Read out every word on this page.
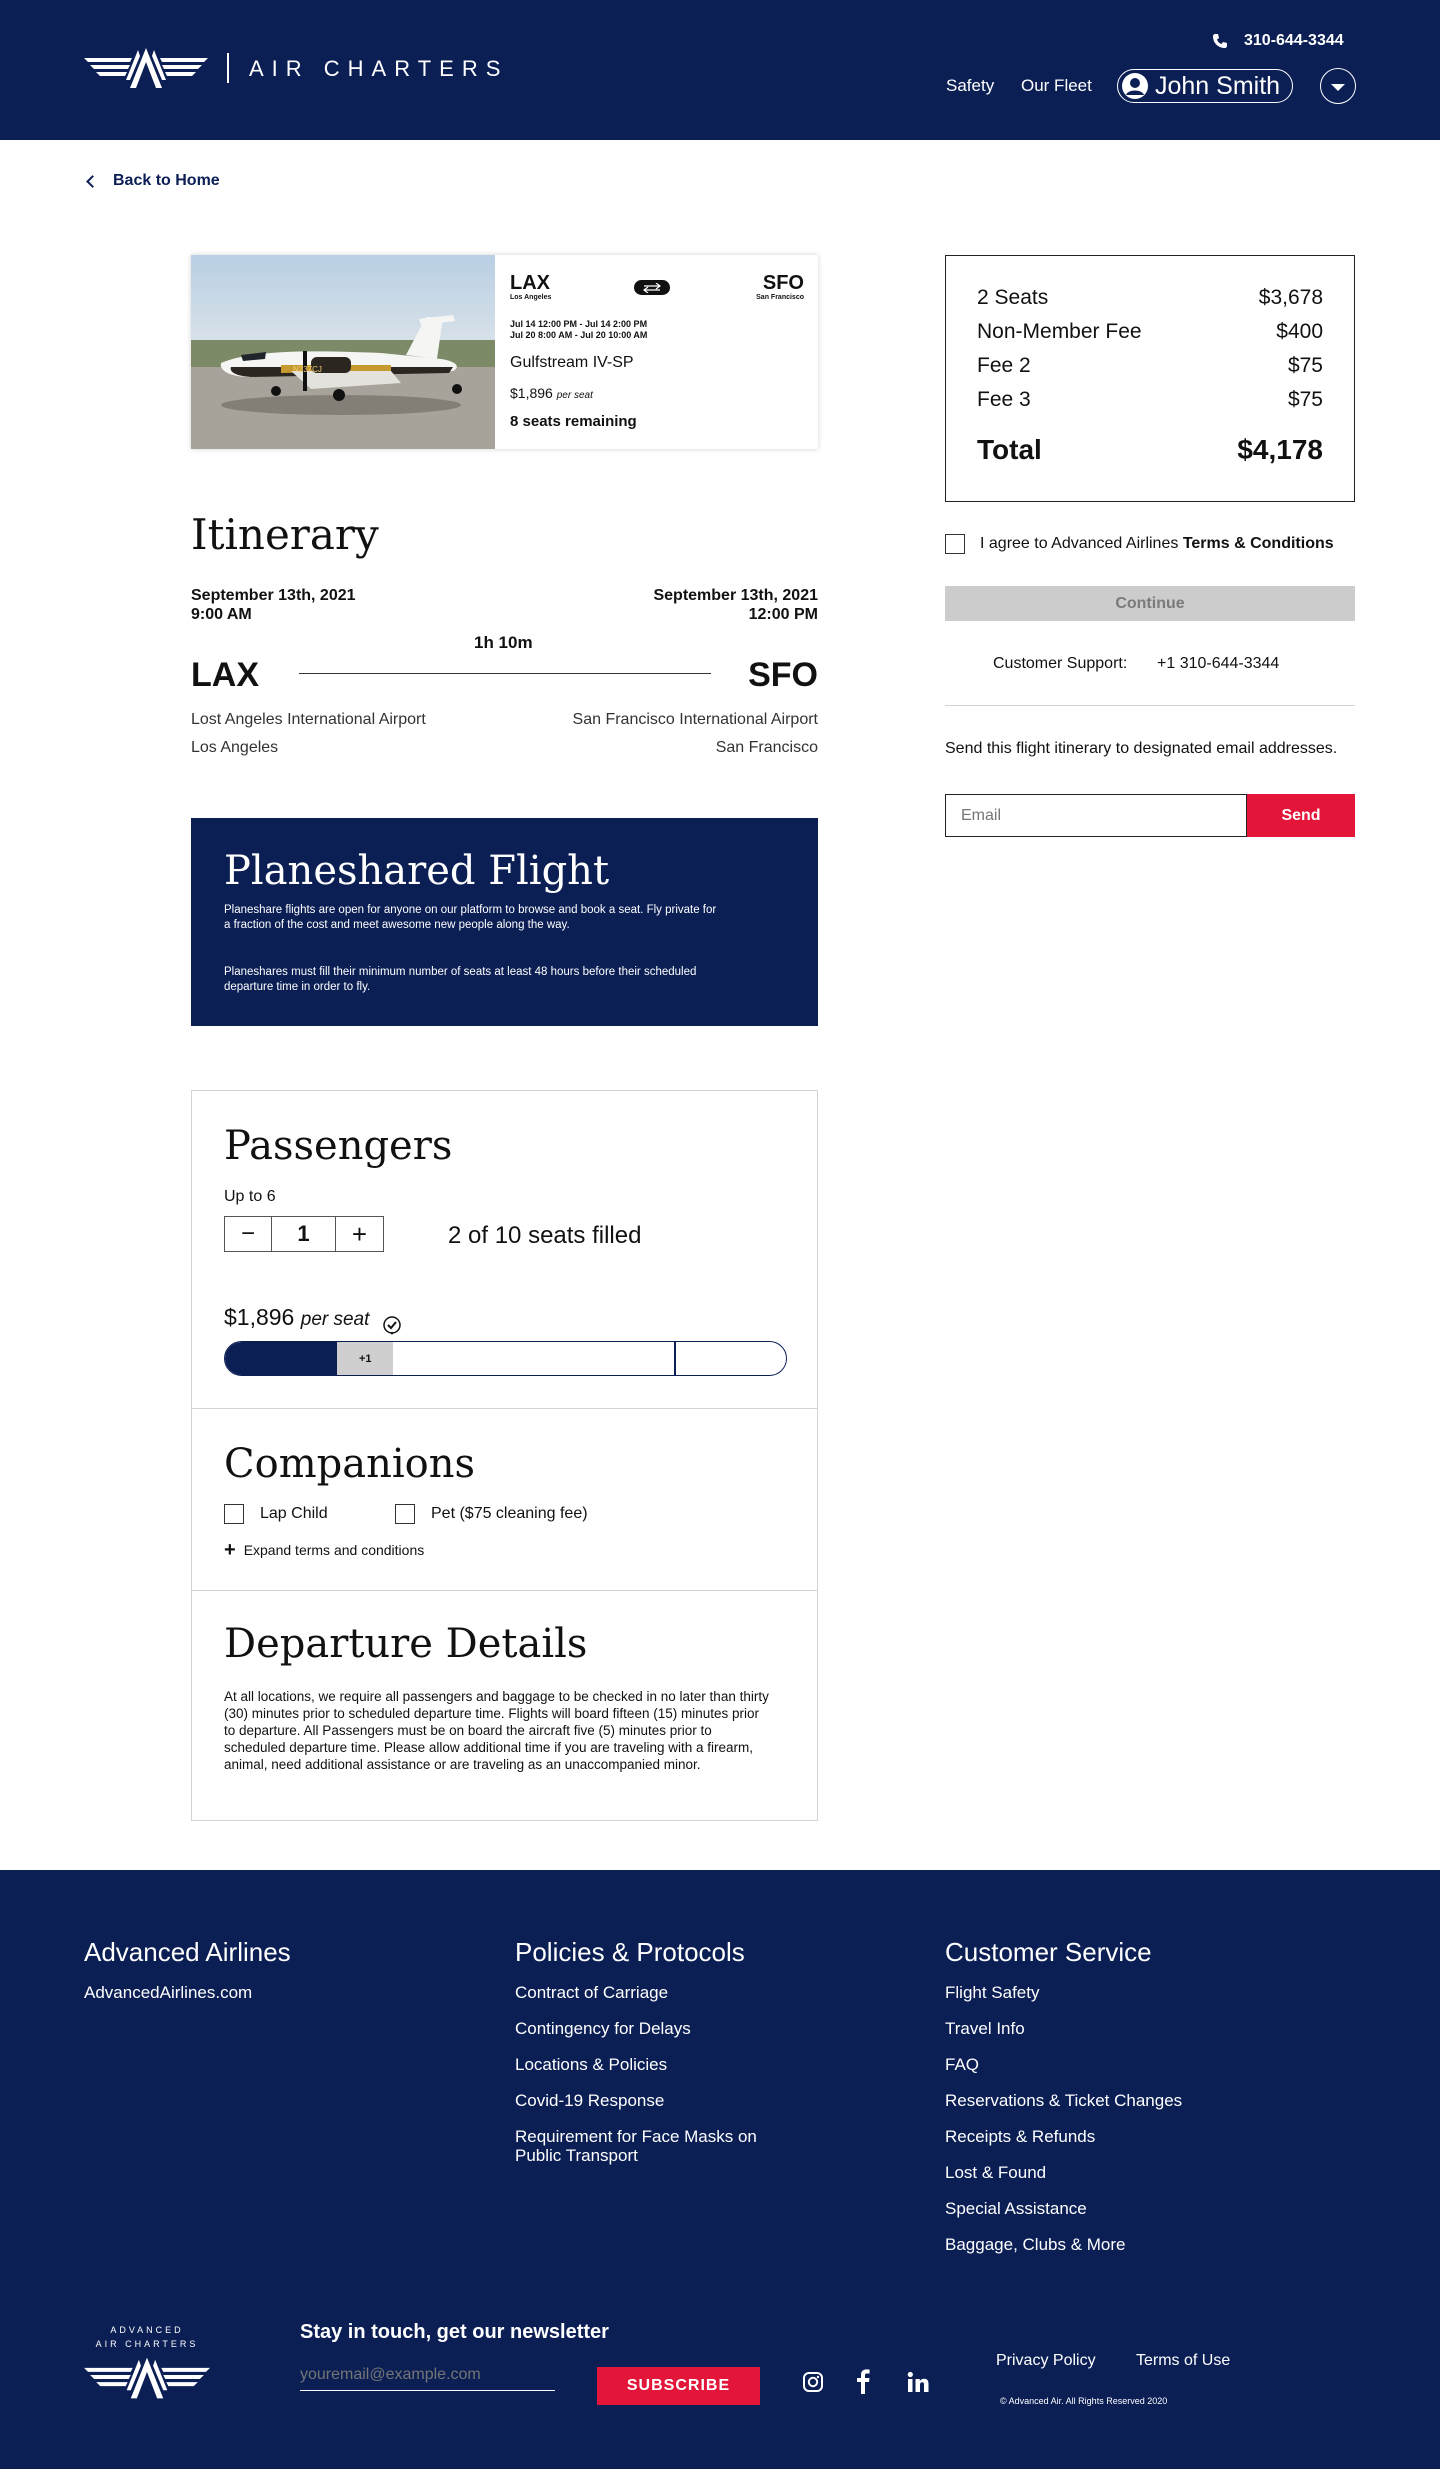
AIR CHARTERS
310-644-3344
Safety Our Fleet	John Smith
Back to Home
N237CJ
LAX
Los Angeles
SFO
San Francisco
Jul 14 12:00 PM - Jul 14 2:00 PM
Jul 20 8:00 AM - Jul 20 10:00 AM
Gulfstream IV-SP
$1,896 per seat
8 seats remaining
Itinerary
September 13th, 2021
9:00 AM
September 13th, 2021
12:00 PM
1h 10m
LAX	SFO
Lost Angeles International Airport
Los Angeles
San Francisco International Airport
San Francisco
Planeshared Flight
Planeshare flights are open for anyone on our platform to browse and book a seat. Fly private for a fraction of the cost and meet awesome new people along the way.
Planeshares must fill their minimum number of seats at least 48 hours before their scheduled departure time in order to fly.
Passengers
Up to 6
−	1	+	2 of 10 seats filled
$1,896 per seat
+1
Companions
Lap Child	Pet ($75 cleaning fee)
+ Expand terms and conditions
Departure Details
At all locations, we require all passengers and baggage to be checked in no later than thirty (30) minutes prior to scheduled departure time. Flights will board fifteen (15) minutes prior to departure. All Passengers must be on board the aircraft five (5) minutes prior to scheduled departure time. Please allow additional time if you are traveling with a firearm, animal, need additional assistance or are traveling as an unaccompanied minor.
2 Seats	$3,678
Non-Member Fee	$400
Fee 2	$75
Fee 3	$75
Total	$4,178
I agree to Advanced Airlines Terms & Conditions
Continue
Customer Support: +1 310-644-3344
Send this flight itinerary to designated email addresses.
Email
Send
Advanced Airlines
AdvancedAirlines.com
Policies & Protocols
Contract of Carriage
Contingency for Delays
Locations & Policies
Covid-19 Response
Requirement for Face Masks on Public Transport
Customer Service
Flight Safety
Travel Info
FAQ
Reservations & Ticket Changes
Receipts & Refunds
Lost & Found
Special Assistance
Baggage, Clubs & More
ADVANCED
AIR CHARTERS
Stay in touch, get our newsletter
youremail@example.com
SUBSCRIBE
Privacy Policy	Terms of Use
© Advanced Air. All Rights Reserved 2020
